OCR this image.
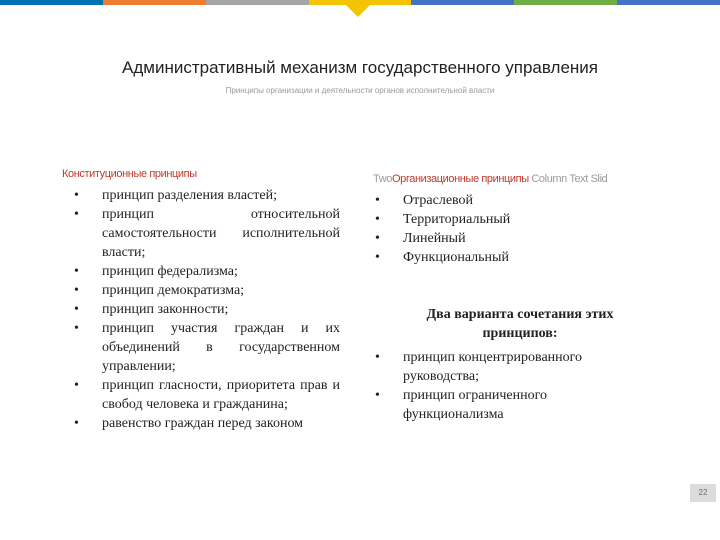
Административный механизм государственного управления
Принципы организации и деятельности органов исполнительной власти
Конституционные принципы
• принцип разделения властей;
• принцип относительной самостоятельности исполнительной власти;
• принцип федерализма;
• принцип демократизма;
• принцип законности;
• принцип участия граждан и их объединений в государственном управлении;
• принцип гласности, приоритета прав и свобод человека и гражданина;
• равенство граждан перед законом
TwoОрганизационные принципы Column Text Slid
• Отраслевой
• Территориальный
• Линейный
• Функциональный
Два варианта сочетания этих принципов:
• принцип концентрированного руководства;
• принцип ограниченного функционализма
22
